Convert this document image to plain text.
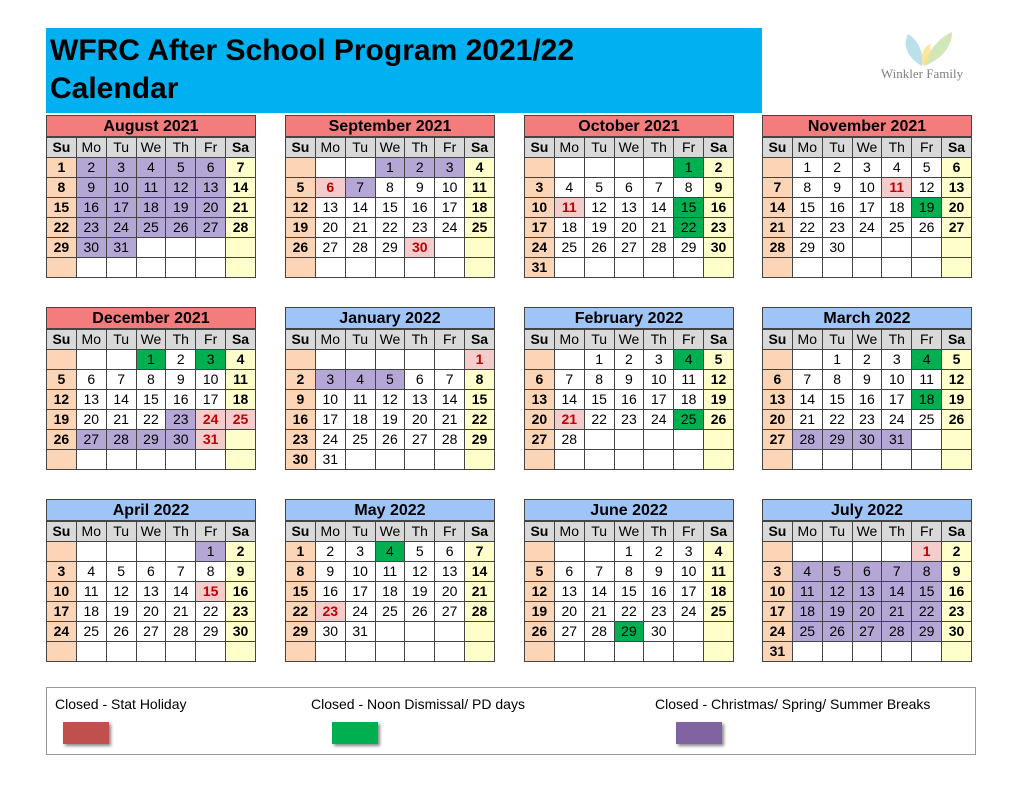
WFRC After School Program 2021/22
Calendar	Winkler Family
August 2021
Su	Mo	Tu	We	Th	Fr	Sa
1	2	3	4	5	6	7
8	9	10	11	12	13	14
15	16	17	18	19	20	21
22	23	24	25	26	27	28
29	30	31				

September 2021
Su	Mo	Tu	We	Th	Fr	Sa
			1	2	3	4
5	6	7	8	9	10	11
12	13	14	15	16	17	18
19	20	21	22	23	24	25
26	27	28	29	30		

October 2021
Su	Mo	Tu	We	Th	Fr	Sa
					1	2
3	4	5	6	7	8	9
10	11	12	13	14	15	16
17	18	19	20	21	22	23
24	25	26	27	28	29	30
31						
November 2021
Su	Mo	Tu	We	Th	Fr	Sa
	1	2	3	4	5	6
7	8	9	10	11	12	13
14	15	16	17	18	19	20
21	22	23	24	25	26	27
28	29	30				

December 2021
Su	Mo	Tu	We	Th	Fr	Sa
			1	2	3	4
5	6	7	8	9	10	11
12	13	14	15	16	17	18
19	20	21	22	23	24	25
26	27	28	29	30	31	

January 2022
Su	Mo	Tu	We	Th	Fr	Sa
						1
2	3	4	5	6	7	8
9	10	11	12	13	14	15
16	17	18	19	20	21	22
23	24	25	26	27	28	29
30	31					
February 2022
Su	Mo	Tu	We	Th	Fr	Sa
		1	2	3	4	5
6	7	8	9	10	11	12
13	14	15	16	17	18	19
20	21	22	23	24	25	26
27	28					

March 2022
Su	Mo	Tu	We	Th	Fr	Sa
		1	2	3	4	5
6	7	8	9	10	11	12
13	14	15	16	17	18	19
20	21	22	23	24	25	26
27	28	29	30	31		

April 2022
Su	Mo	Tu	We	Th	Fr	Sa
					1	2
3	4	5	6	7	8	9
10	11	12	13	14	15	16
17	18	19	20	21	22	23
24	25	26	27	28	29	30

May 2022
Su	Mo	Tu	We	Th	Fr	Sa
1	2	3	4	5	6	7
8	9	10	11	12	13	14
15	16	17	18	19	20	21
22	23	24	25	26	27	28
29	30	31				

June 2022
Su	Mo	Tu	We	Th	Fr	Sa
			1	2	3	4
5	6	7	8	9	10	11
12	13	14	15	16	17	18
19	20	21	22	23	24	25
26	27	28	29	30		

July 2022
Su	Mo	Tu	We	Th	Fr	Sa
					1	2
3	4	5	6	7	8	9
10	11	12	13	14	15	16
17	18	19	20	21	22	23
24	25	26	27	28	29	30
31						
Closed - Stat Holiday	Closed - Noon Dismissal/ PD days	Closed - Christmas/ Spring/ Summer Breaks
